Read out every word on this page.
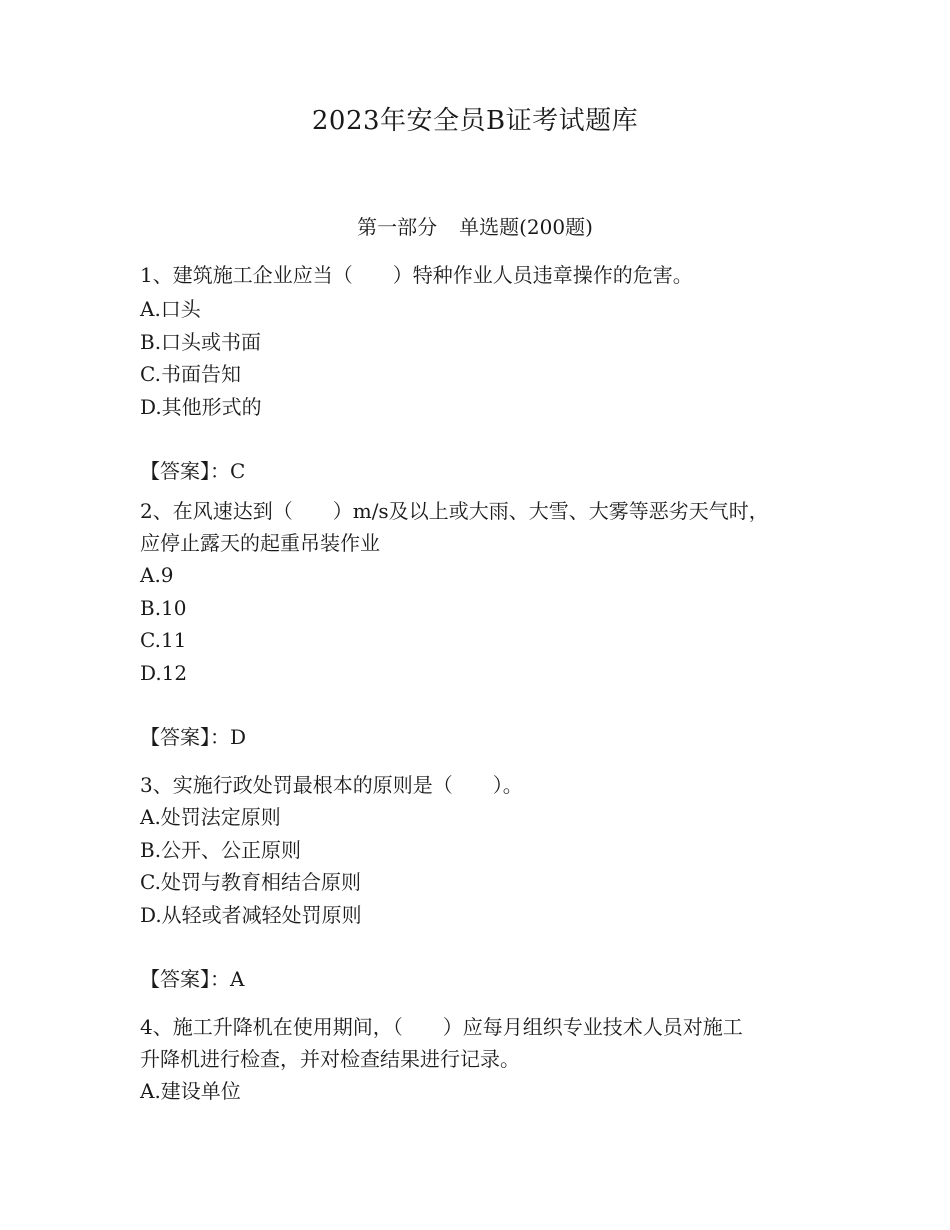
2023年安全员B证考试题库
第一部分 单选题(200题)

1、建筑施工企业应当（　　）特种作业人员违章操作的危害。

A.口头

B.口头或书面

C.书面告知

D.其他形式的

【答案】：C

2、在风速达到（　　）m/s及以上或大雨、大雪、大雾等恶劣天气时，

应停止露天的起重吊装作业

A.9

B.10

C.11

D.12

【答案】：D

3、实施行政处罚最根本的原则是（　　）。

A.处罚法定原则

B.公开、公正原则

C.处罚与教育相结合原则

D.从轻或者减轻处罚原则

【答案】：A

4、施工升降机在使用期间，（　　）应每月组织专业技术人员对施工

升降机进行检查，并对检查结果进行记录。

A.建设单位
